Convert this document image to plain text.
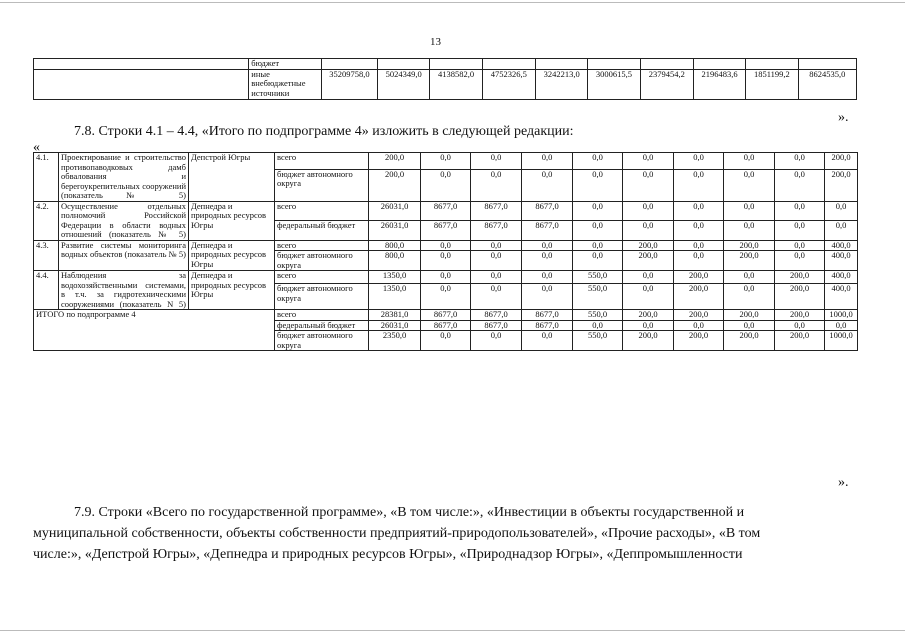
13
	бюджет										
	иные внебюджетные источники	35209758,0	5024349,0	4138582,0	4752326,5	3242213,0	3000615,5	2379454,2	2196483,6	1851199,2	8624535,0
».
7.8. Строки 4.1 – 4.4, «Итого по подпрограмме 4» изложить в следующей редакции:
«
4.1.	Проектирование и строительство противопаводковых дамб обвалования и берегоукрепительных сооружений (показатель № 5)	Депстрой Югры	всего	200,0	0,0	0,0	0,0	0,0	0,0	0,0	0,0	0,0	200,0	
			бюджет автономного округа	200,0	0,0	0,0	0,0	0,0	0,0	0,0	0,0	0,0	200,0	
4.2.	Осуществление отдельных полномочий Российской Федерации в области водных отношений (показатель № 5)	Депнедра и природных ресурсов Югры	всего	26031,0	8677,0	8677,0	8677,0	0,0	0,0	0,0	0,0	0,0	0,0	
			федеральный бюджет	26031,0	8677,0	8677,0	8677,0	0,0	0,0	0,0	0,0	0,0	0,0	
4.3.	Развитие системы мониторинга водных объектов (показатель № 5)	Депнедра и природных ресурсов Югры	всего	800,0	0,0	0,0	0,0	0,0	200,0	0,0	200,0	0,0	400,0	
			бюджет автономного округа	800,0	0,0	0,0	0,0	0,0	200,0	0,0	200,0	0,0	400,0	
4.4.	Наблюдения за водохозяйственными системами, в т.ч. за гидротехническими сооружениями (показатель N 5)	Депнедра и природных ресурсов Югры	всего	1350,0	0,0	0,0	0,0	550,0	0,0	200,0	0,0	200,0	400,0	
			бюджет автономного округа	1350,0	0,0	0,0	0,0	550,0	0,0	200,0	0,0	200,0	400,0	
ИТОГО по подпрограмме 4			всего	28381,0	8677,0	8677,0	8677,0	550,0	200,0	200,0	200,0	200,0	1000,0	
			федеральный бюджет	26031,0	8677,0	8677,0	8677,0	0,0	0,0	0,0	0,0	0,0	0,0	
			бюджет автономного округа	2350,0	0,0	0,0	0,0	550,0	200,0	200,0	200,0	200,0	1000,0	
».
7.9. Строки «Всего по государственной программе», «В том числе:», «Инвестиции в объекты государственной и
муниципальной собственности, объекты собственности предприятий-природопользователей», «Прочие расходы», «В том
числе:», «Депстрой Югры», «Депнедра и природных ресурсов Югры», «Природнадзор Югры», «Деппромышленности
